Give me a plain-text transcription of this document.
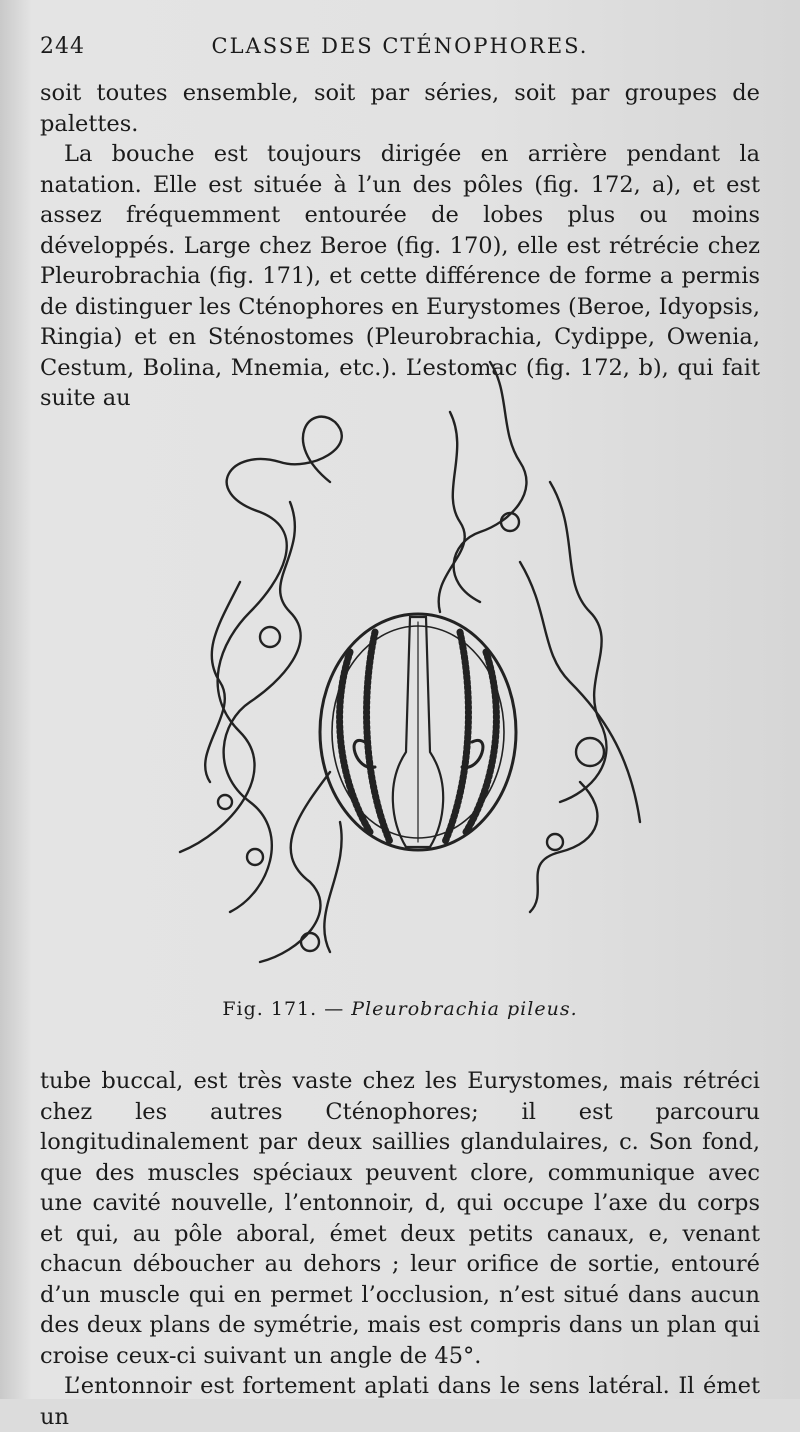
244	CLASSE DES CTÉNOPHORES.

soit toutes ensemble, soit par séries, soit par groupes de palettes.

La bouche est toujours dirigée en arrière pendant la natation. Elle est située à l’un des pôles (fig. 172, a), et est assez fréquemment entourée de lobes plus ou moins développés. Large chez Beroe (fig. 170), elle est rétrécie chez Pleurobrachia (fig. 171), et cette différence de forme a permis de distinguer les Cténophores en Eurystomes (Beroe, Idyopsis, Ringia) et en Sténostomes (Pleurobrachia, Cydippe, Owenia, Cestum, Bolina, Mnemia, etc.). L’estomac (fig. 172, b), qui fait suite au

Fig. 171. — Pleurobrachia pileus.

tube buccal, est très vaste chez les Eurystomes, mais rétréci chez les autres Cténophores; il est parcouru longitudinalement par deux saillies glandulaires, c. Son fond, que des muscles spéciaux peuvent clore, communique avec une cavité nouvelle, l’entonnoir, d, qui occupe l’axe du corps et qui, au pôle aboral, émet deux petits canaux, e, venant chacun déboucher au dehors ; leur orifice de sortie, entouré d’un muscle qui en permet l’occlusion, n’est situé dans aucun des deux plans de symétrie, mais est compris dans un plan qui croise ceux-ci suivant un angle de 45°.

L’entonnoir est fortement aplati dans le sens latéral. Il émet un
